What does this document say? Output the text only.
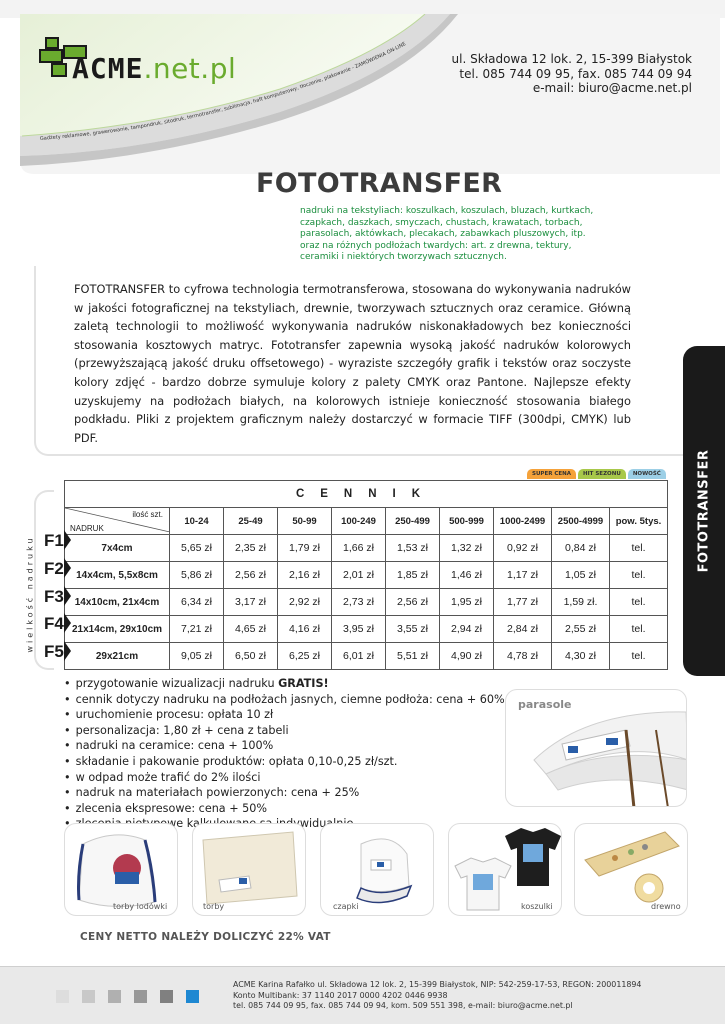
Gadżety reklamowe, grawerowanie, tampondruk, sitodruk, termotransfer, sublimacja, haft komputerowy, tłoczenie, plakowanie - ZAMÓWIENIA ON-LINE
ACME.net.pl	ul. Składowa 12 lok. 2, 15-399 Białystok
tel. 085 744 09 95, fax. 085 744 09 94
e-mail: biuro@acme.net.pl
FOTOTRANSFER
nadruki na tekstyliach: koszulkach, koszulach, bluzach, kurtkach,
czapkach, daszkach, smyczach, chustach, krawatach, torbach,
parasolach, aktówkach, plecakach, zabawkach pluszowych, itp.
oraz na różnych podłożach twardych: art. z drewna, tektury,
ceramiki i niektórych tworzywach sztucznych.
FOTOTRANSFER to cyfrowa technologia termotransferowa, stosowana do wykonywania nadruków w jakości fotograficznej na tekstyliach, drewnie, tworzywach sztucznych oraz ceramice. Główną zaletą technologii to możliwość wykonywania nadruków niskonakładowych bez konieczności stosowania kosztowych matryc. Fototransfer zapewnia wysoką jakość nadruków kolorowych (przewyższającą jakość druku offsetowego) - wyraziste szczegóły grafik i tekstów oraz soczyste kolory zdjęć - bardzo dobrze symuluje kolory z palety CMYK oraz Pantone. Najlepsze efekty uzyskujemy na podłożach białych, na kolorowych istnieje konieczność stosowania białego podkładu. Pliki z projektem graficznym należy dostarczyć w formacie TIFF (300dpi, CMYK) lub PDF.
FOTOTRANSFER
SUPER CENA	HIT SEZONU	NOWOŚĆ
wielkość nadruku
CENNIK									

ilość szt.
NADRUK	10-24	25-49	50-99	100-249	250-499	500-999	1000-2499	2500-4999	pow. 5tys.
7x4cm	5,65 zł	2,35 zł	1,79 zł	1,66 zł	1,53 zł	1,32 zł	0,92 zł	0,84 zł	tel.
14x4cm, 5,5x8cm	5,86 zł	2,56 zł	2,16 zł	2,01 zł	1,85 zł	1,46 zł	1,17 zł	1,05 zł	tel.
14x10cm, 21x4cm	6,34 zł	3,17 zł	2,92 zł	2,73 zł	2,56 zł	1,95 zł	1,77 zł	1,59 zł.	tel.
21x14cm, 29x10cm	7,21 zł	4,65 zł	4,16 zł	3,95 zł	3,55 zł	2,94 zł	2,84 zł	2,55 zł	tel.
29x21cm	9,05 zł	6,50 zł	6,25 zł	6,01 zł	5,51 zł	4,90 zł	4,78 zł	4,30 zł	tel.
F1
F2
F3
F4
F5
• przygotowanie wizualizacji nadruku GRATIS!
• cennik dotyczy nadruku na podłożach jasnych, ciemne podłoża: cena + 60%
• uruchomienie procesu: opłata 10 zł
• personalizacja: 1,80 zł + cena z tabeli
• nadruki na ceramice: cena + 100%
• składanie i pakowanie produktów: opłata 0,10-0,25 zł/szt.
• w odpad może trafić do 2% ilości
• nadruk na materiałach powierzonych: cena + 25%
• zlecenia ekspresowe: cena + 50%
• indywidualnie
parasole
torby lodówki	torby	czapki	koszulki	drewno
CENY NETTO NALEŻY DOLICZYĆ 22% VAT
ACME Karina Rafałko ul. Składowa 12 lok. 2, 15-399 Białystok, NIP: 542-259-17-53, REGON: 200011894
Konto Multibank: 37 1140 2017 0000 4202 0446 9938
tel. 085 744 09 95, fax. 085 744 09 94, kom. 509 551 398, e-mail: biuro@acme.net.pl
